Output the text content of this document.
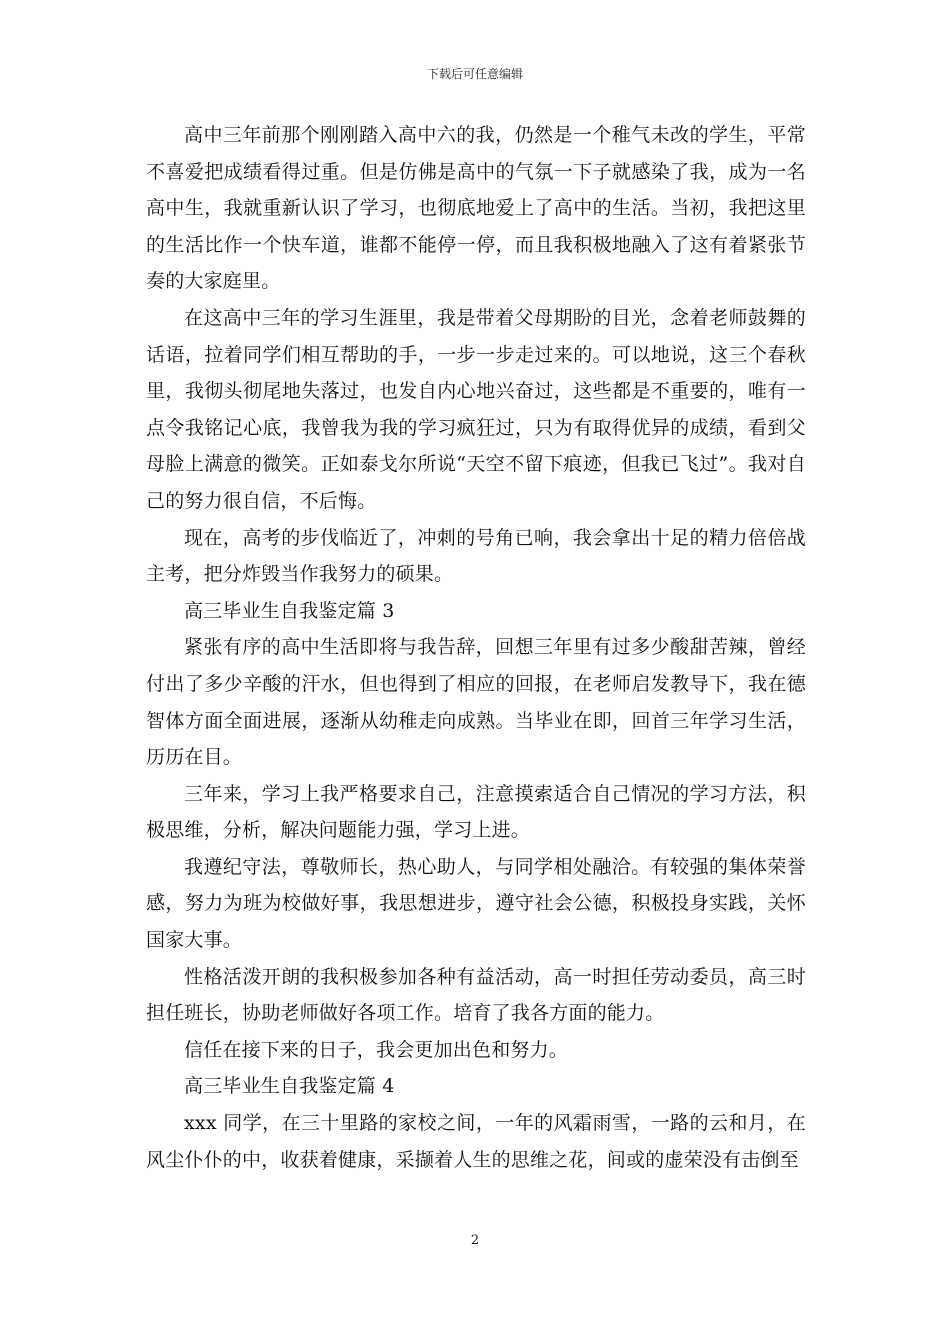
下载后可任意编辑

高中三年前那个刚刚踏入高中六的我，仍然是一个稚气未改的学生，平常不喜爱把成绩看得过重。但是仿佛是高中的气氛一下子就感染了我，成为一名高中生，我就重新认识了学习，也彻底地爱上了高中的生活。当初，我把这里的生活比作一个快车道，谁都不能停一停，而且我积极地融入了这有着紧张节奏的大家庭里。

在这高中三年的学习生涯里，我是带着父母期盼的目光，念着老师鼓舞的话语，拉着同学们相互帮助的手，一步一步走过来的。可以地说，这三个春秋里，我彻头彻尾地失落过，也发自内心地兴奋过，这些都是不重要的，唯有一点令我铭记心底，我曾我为我的学习疯狂过，只为有取得优异的成绩，看到父母脸上满意的微笑。正如泰戈尔所说“天空不留下痕迹，但我已飞过”。我对自己的努力很自信，不后悔。

现在，高考的步伐临近了，冲刺的号角已响，我会拿出十足的精力倍倍战主考，把分炸毁当作我努力的硕果。

高三毕业生自我鉴定篇 3

紧张有序的高中生活即将与我告辞，回想三年里有过多少酸甜苦辣，曾经付出了多少辛酸的汗水，但也得到了相应的回报，在老师启发教导下，我在德智体方面全面进展，逐渐从幼稚走向成熟。当毕业在即，回首三年学习生活，历历在目。

三年来，学习上我严格要求自己，注意摸索适合自己情况的学习方法，积极思维，分析，解决问题能力强，学习上进。

我遵纪守法，尊敬师长，热心助人，与同学相处融洽。有较强的集体荣誉感，努力为班为校做好事，我思想进步，遵守社会公德，积极投身实践，关怀国家大事。

性格活泼开朗的我积极参加各种有益活动，高一时担任劳动委员，高三时担任班长，协助老师做好各项工作。培育了我各方面的能力。

信任在接下来的日子，我会更加出色和努力。

高三毕业生自我鉴定篇 4

xxx 同学，在三十里路的家校之间，一年的风霜雨雪，一路的云和月，在风尘仆仆的中，收获着健康，采撷着人生的思维之花，间或的虚荣没有击倒至

2
